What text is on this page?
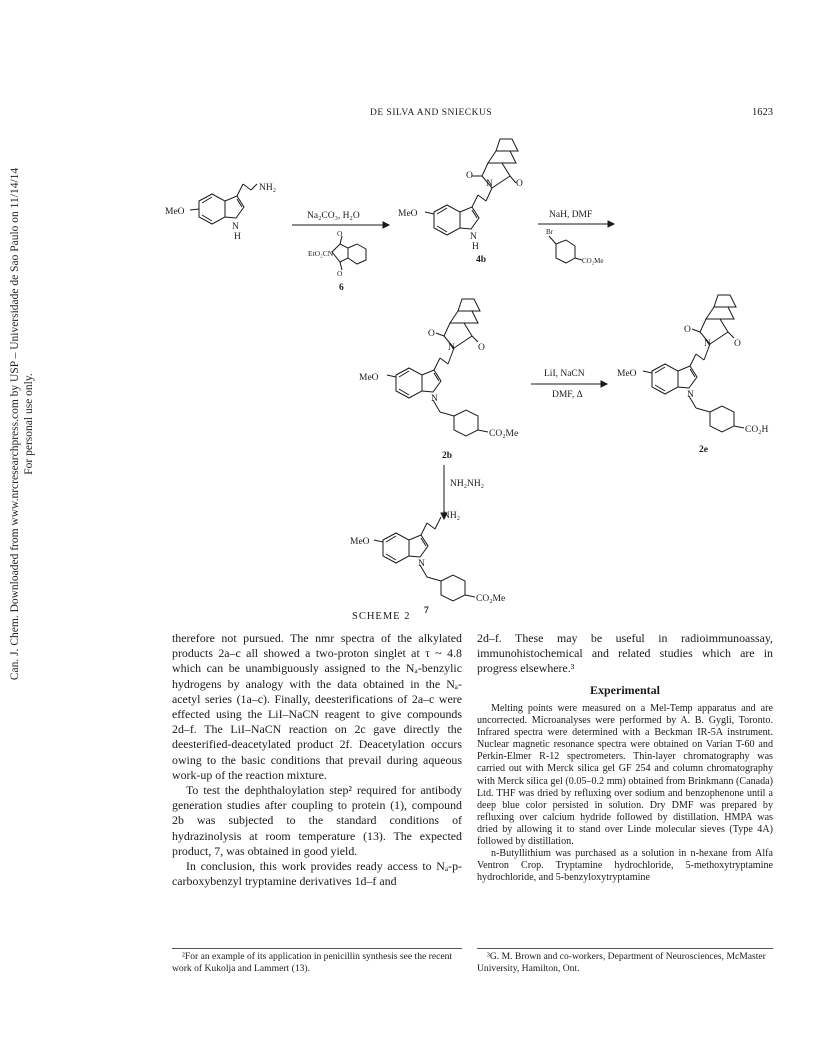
Can. J. Chem. Downloaded from www.nrcresearchpress.com by USP – Universidade de Sao Paulo on 11/14/14 For personal use only.
DE SILVA AND SNIECKUS	1623
MeO
NH₂
H
N
Na₂CO₃, H₂O
EtO₂CN
O
O
6
MeO
O
N O
N
H
4b
NaH, DMF
Br
CO₂Me
MeO
O
N O
N
CO₂Me
2b
LiI, NaCN
DMF, Δ
MeO
O
N O
N
CO₂H
2e
NH₂NH₂
MeO
NH₂
N
CO₂Me
7
SCHEME 2

therefore not pursued. The nmr spectra of the alkylated products 2a–c all showed a two-proton singlet at τ ~ 4.8 which can be unambiguously assigned to the Nₐ-benzylic hydrogens by analogy with the data obtained in the Nₐ-acetyl series (1a–c). Finally, deesterifications of 2a–c were effected using the LiI–NaCN reagent to give compounds 2d–f. The LiI–NaCN reaction on 2c gave directly the deesterified-deacetylated product 2f. Deacetylation occurs owing to the basic conditions that prevail during aqueous work-up of the reaction mixture.

To test the dephthaloylation step² required for antibody generation studies after coupling to protein (1), compound 2b was subjected to the standard conditions of hydrazinolysis at room temperature (13). The expected product, 7, was obtained in good yield.

In conclusion, this work provides ready access to Nₐ-p-carboxybenzyl tryptamine derivatives 1d–f and

2d–f. These may be useful in radioimmunoassay, immunohistochemical and related studies which are in progress elsewhere.³

Experimental

Melting points were measured on a Mel-Temp apparatus and are uncorrected. Microanalyses were performed by A. B. Gygli, Toronto. Infrared spectra were determined with a Beckman IR-5A instrument. Nuclear magnetic resonance spectra were obtained on Varian T-60 and Perkin-Elmer R-12 spectrometers. Thin-layer chromatography was carried out with Merck silica gel GF 254 and column chromatography with Merck silica gel (0.05–0.2 mm) obtained from Brinkmann (Canada) Ltd. THF was dried by refluxing over sodium and benzophenone until a deep blue color persisted in solution. Dry DMF was prepared by refluxing over calcium hydride followed by distillation. HMPA was dried by allowing it to stand over Linde molecular sieves (Type 4A) followed by distillation.

n-Butyllithium was purchased as a solution in n-hexane from Alfa Ventron Crop. Tryptamine hydrochloride, 5-methoxytryptamine hydrochloride, and 5-benzyloxytryptamine

²For an example of its application in penicillin synthesis see the recent work of Kukolja and Lammert (13).
³G. M. Brown and co-workers, Department of Neurosciences, McMaster University, Hamilton, Ont.
